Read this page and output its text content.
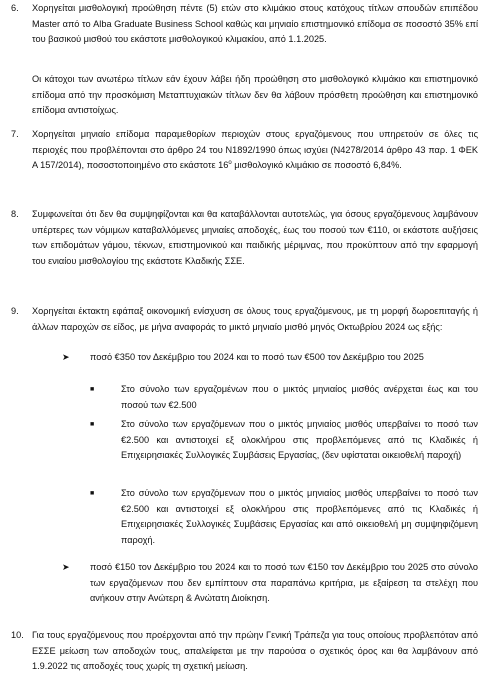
6.	Χορηγείται μισθολογική προώθηση πέντε (5) ετών στο κλιμάκιο στους κατόχους τίτλων σπουδών επιπέδου Master από το Alba Graduate Business School καθώς και μηνιαίο επιστημονικό επίδομα σε ποσοστό 35% επί του βασικού μισθού του εκάστοτε μισθολογικού κλιμακίου, από 1.1.2025.
Οι κάτοχοι των ανωτέρω τίτλων εάν έχουν λάβει ήδη προώθηση στο μισθολογικό κλιμάκιο και επιστημονικό επίδομα από την προσκόμιση Μεταπτυχιακών τίτλων δεν θα λάβουν πρόσθετη προώθηση και επιστημονικό επίδομα αντιστοίχως.
7.	Χορηγείται μηνιαίο επίδομα παραμεθορίων περιοχών στους εργαζόμενους που υπηρετούν σε όλες τις περιοχές που προβλέπονται στο άρθρο 24 του Ν1892/1990 όπως ισχύει (Ν4278/2014 άρθρο 43 παρ. 1 ΦΕΚ Α 157/2014), ποσοστοποιημένο στο εκάστοτε $16^o$ μισθολογικό κλιμάκιο σε ποσοστό 6,84%.
8.	Συμφωνείται ότι δεν θα συμψηφίζονται και θα καταβάλλονται αυτοτελώς, για όσους εργαζόμενους λαμβάνουν υπέρτερες των νόμιμων καταβαλλόμενες μηνιαίες αποδοχές, έως του ποσού των €110, οι εκάστοτε αυξήσεις των επιδομάτων γάμου, τέκνων, επιστημονικού και παιδικής μέριμνας, που προκύπτουν από την εφαρμογή του ενιαίου μισθολογίου της εκάστοτε Κλαδικής ΣΣΕ.
9.	Χορηγείται έκτακτη εφάπαξ οικονομική ενίσχυση σε όλους τους εργαζόμενους, με τη μορφή δωροεπιταγής ή άλλων παροχών σε είδος, με μήνα αναφοράς το μικτό μηνιαίο μισθό μηνός Οκτωβρίου 2024 ως εξής:
➤ ποσό €350 τον Δεκέμβριο του 2024 και το ποσό των €500 τον Δεκέμβριο του 2025
■	Στο σύνολο των εργαζομένων που ο μικτός μηνιαίος μισθός ανέρχεται έως και του ποσού των €2.500
■	Στο σύνολο των εργαζόμενων που ο μικτός μηνιαίος μισθός υπερβαίνει το ποσό των €2.500 και αντιστοιχεί εξ ολοκλήρου στις προβλεπόμενες από τις Κλαδικές ή Επιχειρησιακές Συλλογικές Συμβάσεις Εργασίας, (δεν υφίσταται οικειοθελή παροχή)
■	Στο σύνολο των εργαζόμενων που ο μικτός μηνιαίος μισθός υπερβαίνει το ποσό των €2.500 και αντιστοιχεί εξ ολοκλήρου στις προβλεπόμενες από τις Κλαδικές ή Επιχειρησιακές Συλλογικές Συμβάσεις Εργασίας και από οικειοθελή μη συμψηφιζόμενη παροχή.
➤ ποσό €150 τον Δεκέμβριο του 2024 και το ποσό των €150 τον Δεκέμβριο του 2025 στο σύνολο των εργαζόμενων που δεν εμπίπτουν στα παραπάνω κριτήρια, με εξαίρεση τα στελέχη που ανήκουν στην Ανώτερη & Ανώτατη Διοίκηση.
10. Για τους εργαζόμενους που προέρχονται από την πρώην Γενική Τράπεζα για τους οποίους προβλεπόταν από ΕΣΣΕ μείωση των αποδοχών τους, απαλείφεται με την παρούσα ο σχετικός όρος και θα λαμβάνουν από 1.9.2022 τις αποδοχές τους χωρίς τη σχετική μείωση.
